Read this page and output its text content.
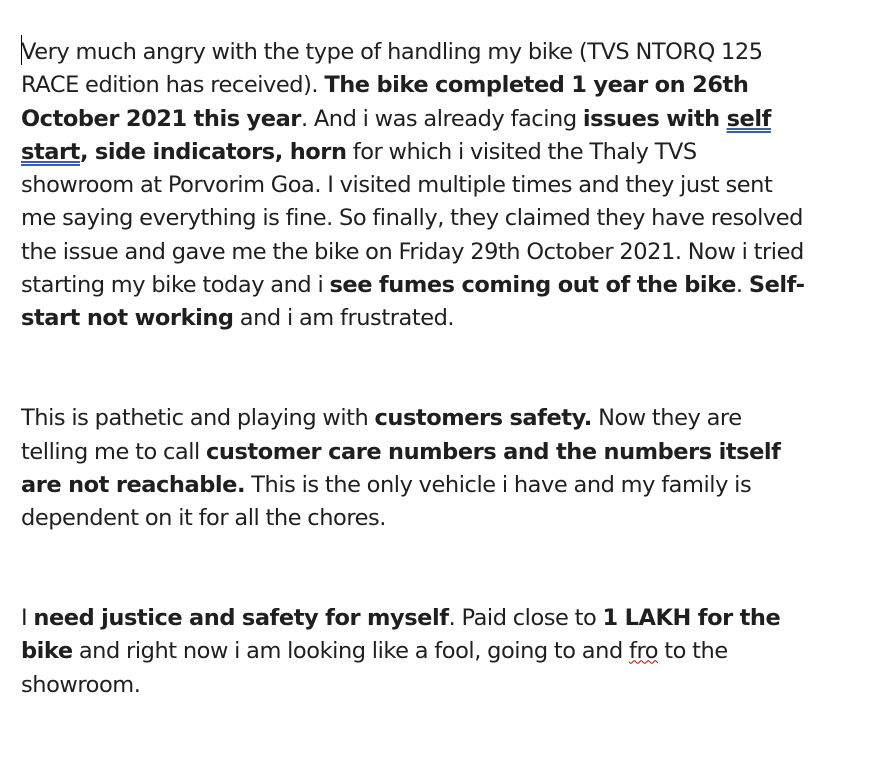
Very much angry with the type of handling my bike (TVS NTORQ 125 RACE edition has received). The bike completed 1 year on 26th October 2021 this year. And i was already facing issues with self start, side indicators, horn for which i visited the Thaly TVS showroom at Porvorim Goa. I visited multiple times and they just sent me saying everything is fine. So finally, they claimed they have resolved the issue and gave me the bike on Friday 29th October 2021. Now i tried starting my bike today and i see fumes coming out of the bike. Self-start not working and i am frustrated.

This is pathetic and playing with customers safety. Now they are telling me to call customer care numbers and the numbers itself are not reachable. This is the only vehicle i have and my family is dependent on it for all the chores.

I need justice and safety for myself. Paid close to 1 LAKH for the bike and right now i am looking like a fool, going to and fro to the showroom.
